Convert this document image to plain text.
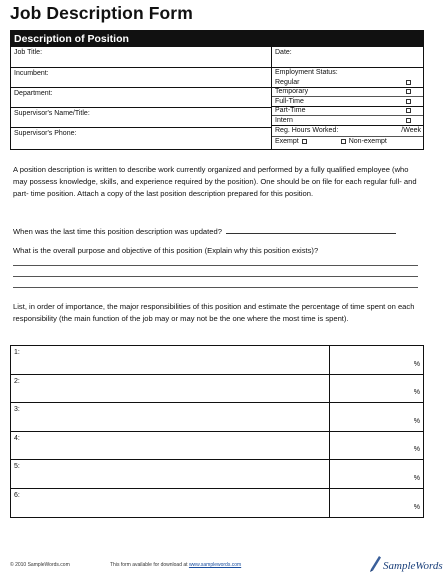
Job Description Form
Description of Position
Job Title:
Incumbent:
Department:
Supervisor's Name/Title:
Supervisor's Phone:
Date:
Employment Status:
Regular
Temporary
Full-Time
Part-Time
Intern
Reg. Hours Worked:	/Week
Exempt	Non-exempt
A position description is written to describe work currently organized and performed by a fully qualified employee (who may possess knowledge, skills, and experience required by the position). One should be on file for each regular full- and part- time position. Attach a copy of the last position description prepared for this position.
When was the last time this position description was updated?
What is the overall purpose and objective of this position (Explain why this position exists)?
List, in order of importance, the major responsibilities of this position and estimate the percentage of time spent on each responsibility (the main function of the job may or may not be the one where the most time is spent).
1:
%
2:
%
3:
%
4:
%
5:
%
6:
%
© 2010 SampleWords.com	This form available for download at www.samplewords.com	SampleWords
